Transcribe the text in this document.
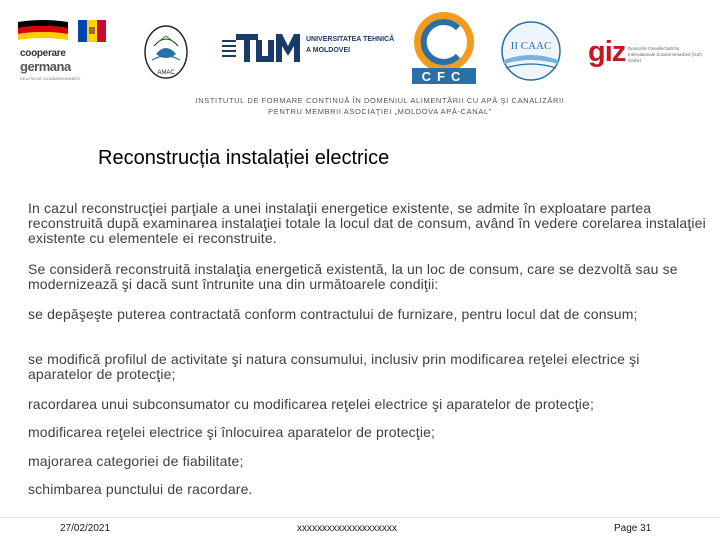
cooperare
germana
DEUTSCHE ZUSAMMENARBEIT
AMAC
UNIVERSITATEA TEHNICĂ
A MOLDOVEI
CFC
II CAAC giz Deutsche Gesellschaft für Internationale Zusammenarbeit (GIZ) GmbH
INSTITUTUL DE FORMARE CONTINUĂ ÎN DOMENIUL ALIMENTĂRII CU APĂ ŞI CANALIZĂRII
PENTRU MEMBRII ASOCIAŢIEI „MOLDOVA APĂ-CANAL"
Reconstrucția instalației electrice
In cazul reconstrucţiei parţiale a unei instalaţii energetice existente, se admite în exploatare partea reconstruită după examinarea instalaţiei totale la locul dat de consum, având în vedere corelarea instalaţiei existente cu elementele ei reconstruite.
Se consideră reconstruită instalaţia energetică existentă, la un loc de consum, care se dezvoltă sau se modernizează şi dacă sunt întrunite una din următoarele condiţii:
se depăşeşte puterea contractată conform contractului de furnizare, pentru locul dat de consum;
se modifică profilul de activitate şi natura consumului, inclusiv prin modificarea reţelei electrice şi aparatelor de protecţie;
racordarea unui subconsumator cu modificarea reţelei electrice şi aparatelor de protecţie;
modificarea reţelei electrice şi înlocuirea aparatelor de protecţie;
majorarea categoriei de fiabilitate;
schimbarea punctului de racordare.
27/02/2021	xxxxxxxxxxxxxxxxxxxx	Page 31
